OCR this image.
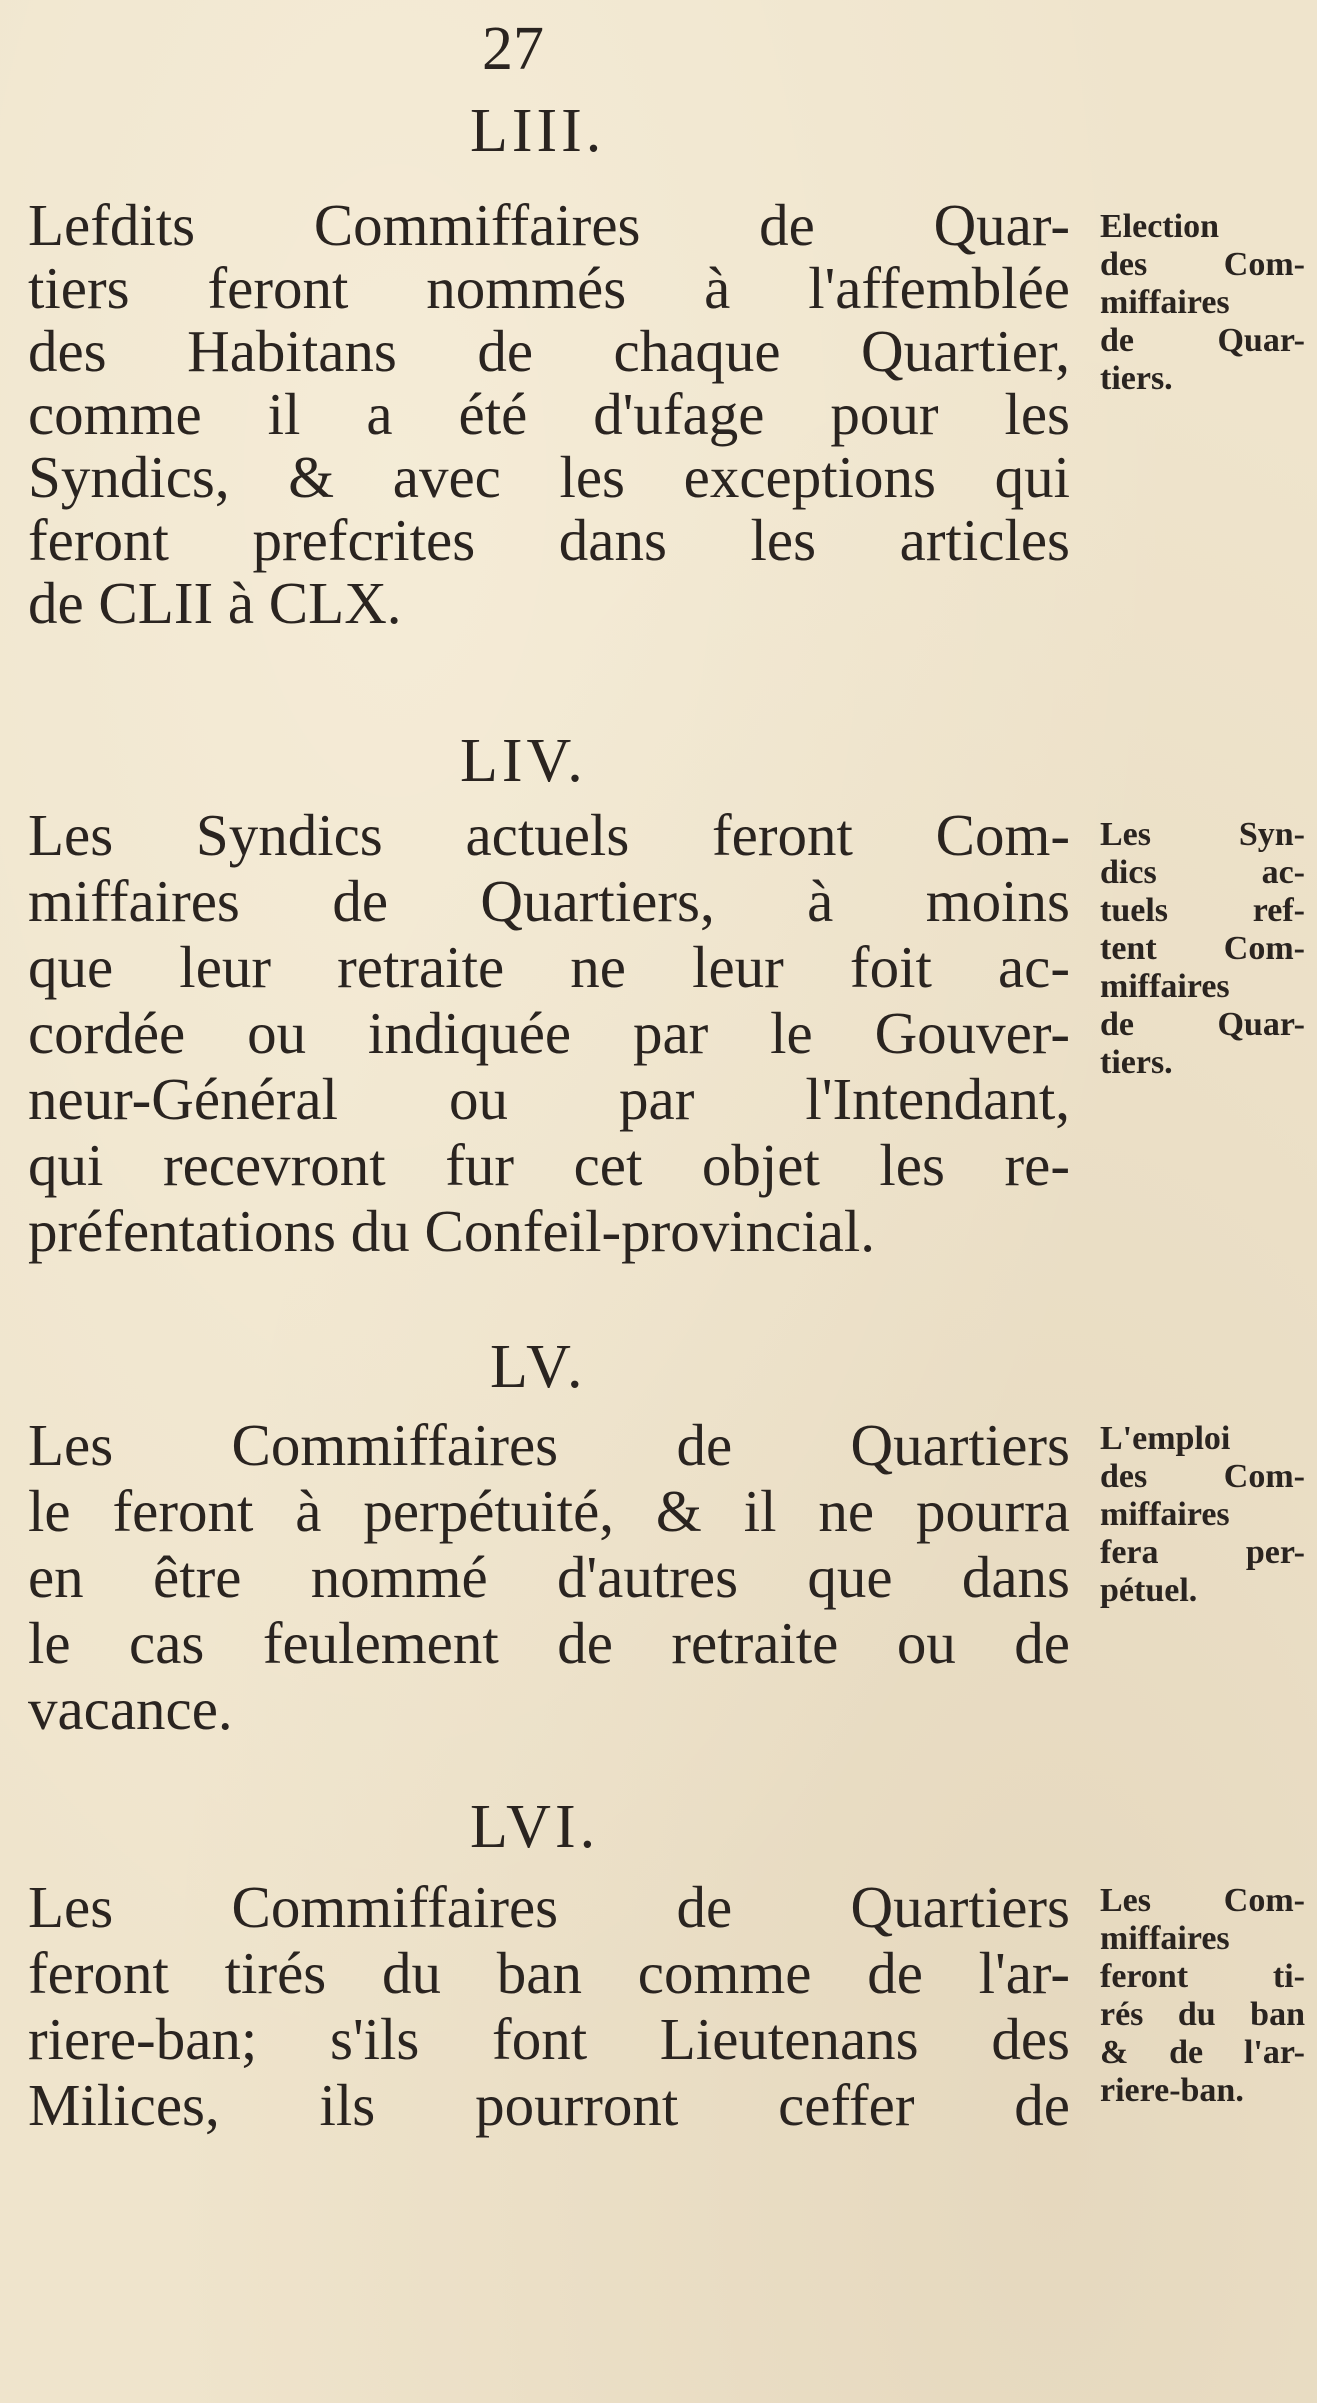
27
LIII.
Lefdits Commiffaires de Quar-
tiers feront nommés à l'affemblée
des Habitans de chaque Quartier,
comme il a été d'ufage pour les
Syndics, & avec les exceptions qui
feront prefcrites dans les articles
de CLII à CLX.
Election
des Com-
miffaires
de Quar-
tiers.
LIV.
Les Syndics actuels feront Com-
miffaires de Quartiers, à moins
que leur retraite ne leur foit ac-
cordée ou indiquée par le Gouver-
neur-Général ou par l'Intendant,
qui recevront fur cet objet les re-
préfentations du Confeil-provincial.
Les Syn-
dics ac-
tuels ref-
tent Com-
miffaires
de Quar-
tiers.
LV.
Les Commiffaires de Quartiers
le feront à perpétuité, & il ne pourra
en être nommé d'autres que dans
le cas feulement de retraite ou de
vacance.
L'emploi
des Com-
miffaires
fera per-
pétuel.
LVI.
Les Commiffaires de Quartiers
feront tirés du ban comme de l'ar-
riere-ban; s'ils font Lieutenans des
Milices, ils pourront ceffer de
Les Com-
miffaires
feront ti-
rés du ban
& de l'ar-
riere-ban.
